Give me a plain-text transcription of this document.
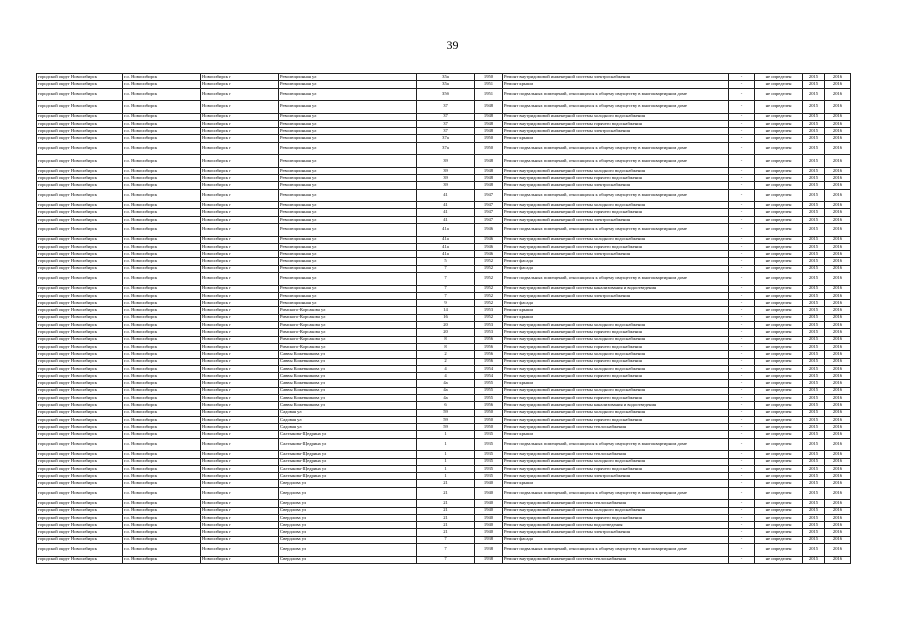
39
городской округ Новосибирск	г.о. Новосибирск	Новосибирск г	Революционная ул	35а	1950	Ремонт внутридомовой инженерной системы электроснабжения	-	не определен	2015	2016
городской округ Новосибирск	г.о. Новосибирск	Новосибирск г	Революционная ул	35а	1951	Ремонт крыши	-	не определен	2015	2016
городской округ Новосибирск	г.о. Новосибирск	Новосибирск г	Революционная ул	35б	1951	Ремонт подвальных помещений, относящихся к общему имуществу в многоквартирном доме	-	не определен	2015	2016
городской округ Новосибирск	г.о. Новосибирск	Новосибирск г	Революционная ул	37	1948	Ремонт подвальных помещений, относящихся к общему имуществу в многоквартирном доме	-	не определен	2015	2016
городской округ Новосибирск	г.о. Новосибирск	Новосибирск г	Революционная ул	37	1948	Ремонт внутридомовой инженерной системы холодного водоснабжения	-	не определен	2015	2016
городской округ Новосибирск	г.о. Новосибирск	Новосибирск г	Революционная ул	37	1948	Ремонт внутридомовой инженерной системы горячего водоснабжения	-	не определен	2015	2016
городской округ Новосибирск	г.о. Новосибирск	Новосибирск г	Революционная ул	37	1948	Ремонт внутридомовой инженерной системы электроснабжения	-	не определен	2015	2016
городской округ Новосибирск	г.о. Новосибирск	Новосибирск г	Революционная ул	37а	1950	Ремонт крыши	-	не определен	2015	2016
городской округ Новосибирск	г.о. Новосибирск	Новосибирск г	Революционная ул	37а	1950	Ремонт подвальных помещений, относящихся к общему имуществу в многоквартирном доме	-	не определен	2015	2016
городской округ Новосибирск	г.о. Новосибирск	Новосибирск г	Революционная ул	39	1948	Ремонт подвальных помещений, относящихся к общему имуществу в многоквартирном доме	-	не определен	2015	2016
городской округ Новосибирск	г.о. Новосибирск	Новосибирск г	Революционная ул	39	1948	Ремонт внутридомовой инженерной системы холодного водоснабжения	-	не определен	2015	2016
городской округ Новосибирск	г.о. Новосибирск	Новосибирск г	Революционная ул	39	1948	Ремонт внутридомовой инженерной системы горячего водоснабжения	-	не определен	2015	2016
городской округ Новосибирск	г.о. Новосибирск	Новосибирск г	Революционная ул	39	1948	Ремонт внутридомовой инженерной системы электроснабжения	-	не определен	2015	2016
городской округ Новосибирск	г.о. Новосибирск	Новосибирск г	Революционная ул	41	1947	Ремонт подвальных помещений, относящихся к общему имуществу в многоквартирном доме	-	не определен	2015	2016
городской округ Новосибирск	г.о. Новосибирск	Новосибирск г	Революционная ул	41	1947	Ремонт внутридомовой инженерной системы холодного водоснабжения	-	не определен	2015	2016
городской округ Новосибирск	г.о. Новосибирск	Новосибирск г	Революционная ул	41	1947	Ремонт внутридомовой инженерной системы горячего водоснабжения	-	не определен	2015	2016
городской округ Новосибирск	г.о. Новосибирск	Новосибирск г	Революционная ул	41	1947	Ремонт внутридомовой инженерной системы электроснабжения	-	не определен	2015	2016
городской округ Новосибирск	г.о. Новосибирск	Новосибирск г	Революционная ул	41а	1946	Ремонт подвальных помещений, относящихся к общему имуществу в многоквартирном доме	-	не определен	2015	2016
городской округ Новосибирск	г.о. Новосибирск	Новосибирск г	Революционная ул	41а	1946	Ремонт внутридомовой инженерной системы холодного водоснабжения	-	не определен	2015	2016
городской округ Новосибирск	г.о. Новосибирск	Новосибирск г	Революционная ул	41а	1946	Ремонт внутридомовой инженерной системы горячего водоснабжения	-	не определен	2015	2016
городской округ Новосибирск	г.о. Новосибирск	Новосибирск г	Революционная ул	41а	1946	Ремонт внутридомовой инженерной системы электроснабжения	-	не определен	2015	2016
городской округ Новосибирск	г.о. Новосибирск	Новосибирск г	Революционная ул	5	1952	Ремонт фасада	-	не определен	2015	2016
городской округ Новосибирск	г.о. Новосибирск	Новосибирск г	Революционная ул	7	1952	Ремонт фасада	-	не определен	2015	2016
городской округ Новосибирск	г.о. Новосибирск	Новосибирск г	Революционная ул	7	1952	Ремонт подвальных помещений, относящихся к общему имуществу в многоквартирном доме	-	не определен	2015	2016
городской округ Новосибирск	г.о. Новосибирск	Новосибирск г	Революционная ул	7	1952	Ремонт внутридомовой инженерной системы канализования и водоотведения	-	не определен	2015	2016
городской округ Новосибирск	г.о. Новосибирск	Новосибирск г	Революционная ул	7	1952	Ремонт внутридомовой инженерной системы электроснабжения	-	не определен	2015	2016
городской округ Новосибирск	г.о. Новосибирск	Новосибирск г	Революционная ул	9	1952	Ремонт фасада	-	не определен	2015	2016
городской округ Новосибирск	г.о. Новосибирск	Новосибирск г	Римского-Корсакова ул	14	1953	Ремонт крыши	-	не определен	2015	2016
городской округ Новосибирск	г.о. Новосибирск	Новосибирск г	Римского-Корсакова ул	16	1952	Ремонт крыши	-	не определен	2015	2016
городской округ Новосибирск	г.о. Новосибирск	Новосибирск г	Римского-Корсакова ул	20	1953	Ремонт внутридомовой инженерной системы холодного водоснабжения	-	не определен	2015	2016
городской округ Новосибирск	г.о. Новосибирск	Новосибирск г	Римского-Корсакова ул	20	1953	Ремонт внутридомовой инженерной системы горячего водоснабжения	-	не определен	2015	2016
городской округ Новосибирск	г.о. Новосибирск	Новосибирск г	Римского-Корсакова ул	8	1956	Ремонт внутридомовой инженерной системы холодного водоснабжения	-	не определен	2015	2016
городской округ Новосибирск	г.о. Новосибирск	Новосибирск г	Римского-Корсакова ул	8	1956	Ремонт внутридомовой инженерной системы горячего водоснабжения	-	не определен	2015	2016
городской округ Новосибирск	г.о. Новосибирск	Новосибирск г	Саввы Кожевникова ул	2	1956	Ремонт внутридомовой инженерной системы холодного водоснабжения	-	не определен	2015	2016
городской округ Новосибирск	г.о. Новосибирск	Новосибирск г	Саввы Кожевникова ул	2	1956	Ремонт внутридомовой инженерной системы горячего водоснабжения	-	не определен	2015	2016
городской округ Новосибирск	г.о. Новосибирск	Новосибирск г	Саввы Кожевникова ул	4	1954	Ремонт внутридомовой инженерной системы холодного водоснабжения	-	не определен	2015	2016
городской округ Новосибирск	г.о. Новосибирск	Новосибирск г	Саввы Кожевникова ул	4	1954	Ремонт внутридомовой инженерной системы горячего водоснабжения	-	не определен	2015	2016
городской округ Новосибирск	г.о. Новосибирск	Новосибирск г	Саввы Кожевникова ул	4а	1955	Ремонт крыши	-	не определен	2015	2016
городской округ Новосибирск	г.о. Новосибирск	Новосибирск г	Саввы Кожевникова ул	4а	1955	Ремонт внутридомовой инженерной системы холодного водоснабжения	-	не определен	2015	2016
городской округ Новосибирск	г.о. Новосибирск	Новосибирск г	Саввы Кожевникова ул	4а	1955	Ремонт внутридомовой инженерной системы горячего водоснабжения	-	не определен	2015	2016
городской округ Новосибирск	г.о. Новосибирск	Новосибирск г	Саввы Кожевникова ул	6	1956	Ремонт внутридомовой инженерной системы канализования и водоотведения	-	не определен	2015	2016
городской округ Новосибирск	г.о. Новосибирск	Новосибирск г	Садовая ул	59	1950	Ремонт внутридомовой инженерной системы холодного водоснабжения	-	не определен	2015	2016
городской округ Новосибирск	г.о. Новосибирск	Новосибирск г	Садовая ул	59	1950	Ремонт внутридомовой инженерной системы горячего водоснабжения	-	не определен	2015	2016
городской округ Новосибирск	г.о. Новосибирск	Новосибирск г	Садовая ул	59	1950	Ремонт внутридомовой инженерной системы теплоснабжения	-	не определен	2015	2016
городской округ Новосибирск	г.о. Новосибирск	Новосибирск г	Салтыкова-Щедрина ул	1	1935	Ремонт крыши	-	не определен	2015	2016
городской округ Новосибирск	г.о. Новосибирск	Новосибирск г	Салтыкова-Щедрина ул	1	1935	Ремонт подвальных помещений, относящихся к общему имуществу в многоквартирном доме	-	не определен	2015	2016
городской округ Новосибирск	г.о. Новосибирск	Новосибирск г	Салтыкова-Щедрина ул	1	1935	Ремонт внутридомовой инженерной системы теплоснабжения	-	не определен	2015	2016
городской округ Новосибирск	г.о. Новосибирск	Новосибирск г	Салтыкова-Щедрина ул	1	1935	Ремонт внутридомовой инженерной системы холодного водоснабжения	-	не определен	2015	2016
городской округ Новосибирск	г.о. Новосибирск	Новосибирск г	Салтыкова-Щедрина ул	1	1935	Ремонт внутридомовой инженерной системы горячего водоснабжения	-	не определен	2015	2016
городской округ Новосибирск	г.о. Новосибирск	Новосибирск г	Салтыкова-Щедрина ул	1	1935	Ремонт внутридомовой инженерной системы электроснабжения	-	не определен	2015	2016
городской округ Новосибирск	г.о. Новосибирск	Новосибирск г	Свердлова ул	21	1940	Ремонт крыши	-	не определен	2015	2016
городской округ Новосибирск	г.о. Новосибирск	Новосибирск г	Свердлова ул	21	1940	Ремонт подвальных помещений, относящихся к общему имуществу в многоквартирном доме	-	не определен	2015	2016
городской округ Новосибирск	г.о. Новосибирск	Новосибирск г	Свердлова ул	21	1940	Ремонт внутридомовой инженерной системы теплоснабжения	-	не определен	2015	2016
городской округ Новосибирск	г.о. Новосибирск	Новосибирск г	Свердлова ул	21	1940	Ремонт внутридомовой инженерной системы холодного водоснабжения	-	не определен	2015	2016
городской округ Новосибирск	г.о. Новосибирск	Новосибирск г	Свердлова ул	21	1940	Ремонт внутридомовой инженерной системы горячего водоснабжения	-	не определен	2015	2016
городской округ Новосибирск	г.о. Новосибирск	Новосибирск г	Свердлова ул	21	1940	Ремонт внутридомовой инженерной системы водоотведения	-	не определен	2015	2016
городской округ Новосибирск	г.о. Новосибирск	Новосибирск г	Свердлова ул	21	1940	Ремонт внутридомовой инженерной системы электроснабжения	-	не определен	2015	2016
городской округ Новосибирск	г.о. Новосибирск	Новосибирск г	Свердлова ул	7	1938	Ремонт фасада	-	не определен	2015	2016
городской округ Новосибирск	г.о. Новосибирск	Новосибирск г	Свердлова ул	7	1938	Ремонт подвальных помещений, относящихся к общему имуществу в многоквартирном доме	-	не определен	2015	2016
городской округ Новосибирск	г.о. Новосибирск	Новосибирск г	Свердлова ул	7	1938	Ремонт внутридомовой инженерной системы теплоснабжения	-	не определен	2015	2016
